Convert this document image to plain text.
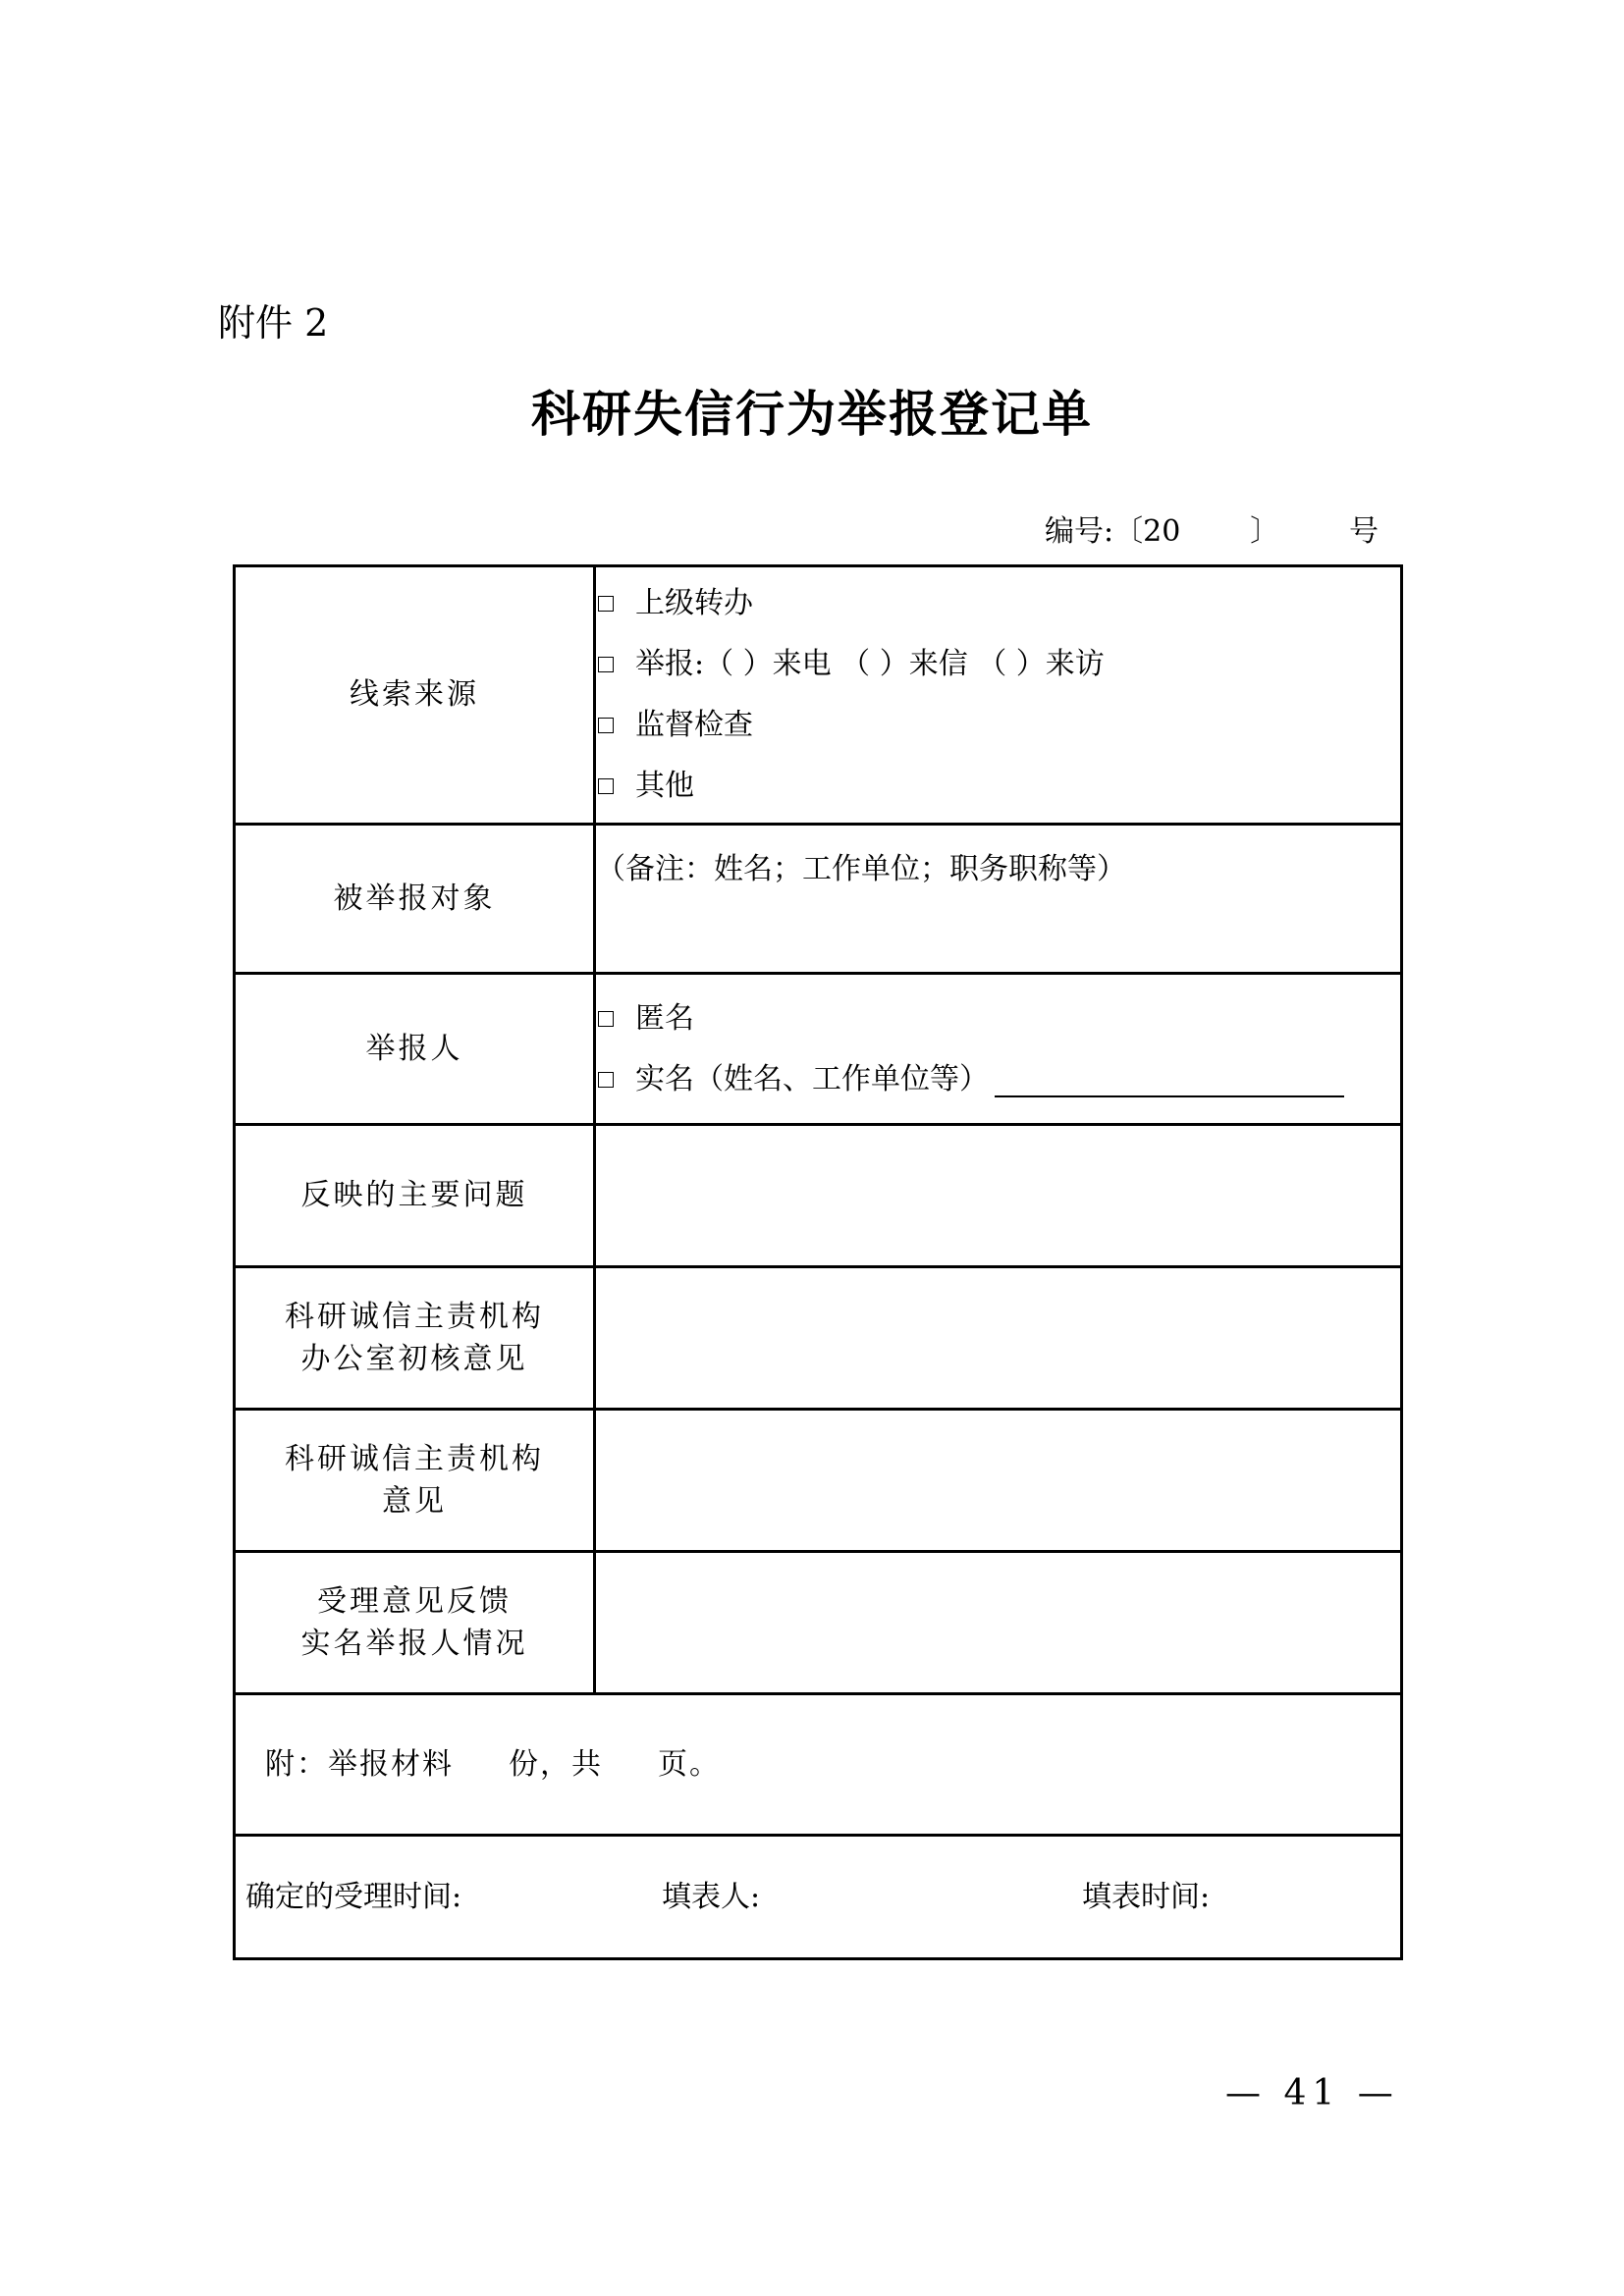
附件 2
科研失信行为举报登记单
编号:〔20 〕 号
线索来源	上级转办
举报:（ ）来电 （ ）来信 （ ）来访
监督检查
其他

被举报对象	（备注：姓名；工作单位；职务职称等）
举报人	匿名
实名（姓名、工作单位等）

反映的主要问题	

科研诚信主责机构
办公室初核意见	

科研诚信主责机构
意见	

受理意见反馈
实名举报人情况	

附：举报材料 份，共 页。	
确定的受理时间: 填表人: 填表时间:	
— 41 —
